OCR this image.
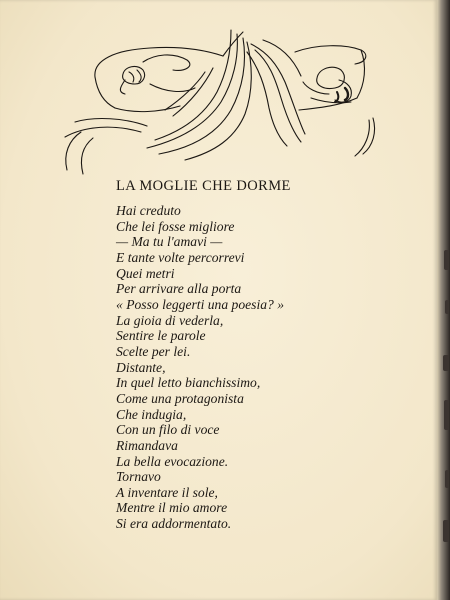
LA MOGLIE CHE DORME
Hai creduto
Che lei fosse migliore
— Ma tu l'amavi —
E tante volte percorrevi
Quei metri
Per arrivare alla porta
« Posso leggerti una poesia? »
La gioia di vederla,
Sentire le parole
Scelte per lei.
Distante,
In quel letto bianchissimo,
Come una protagonista
Che indugia,
Con un filo di voce
Rimandava
La bella evocazione.
Tornavo
A inventare il sole,
Mentre il mio amore
Si era addormentato.
